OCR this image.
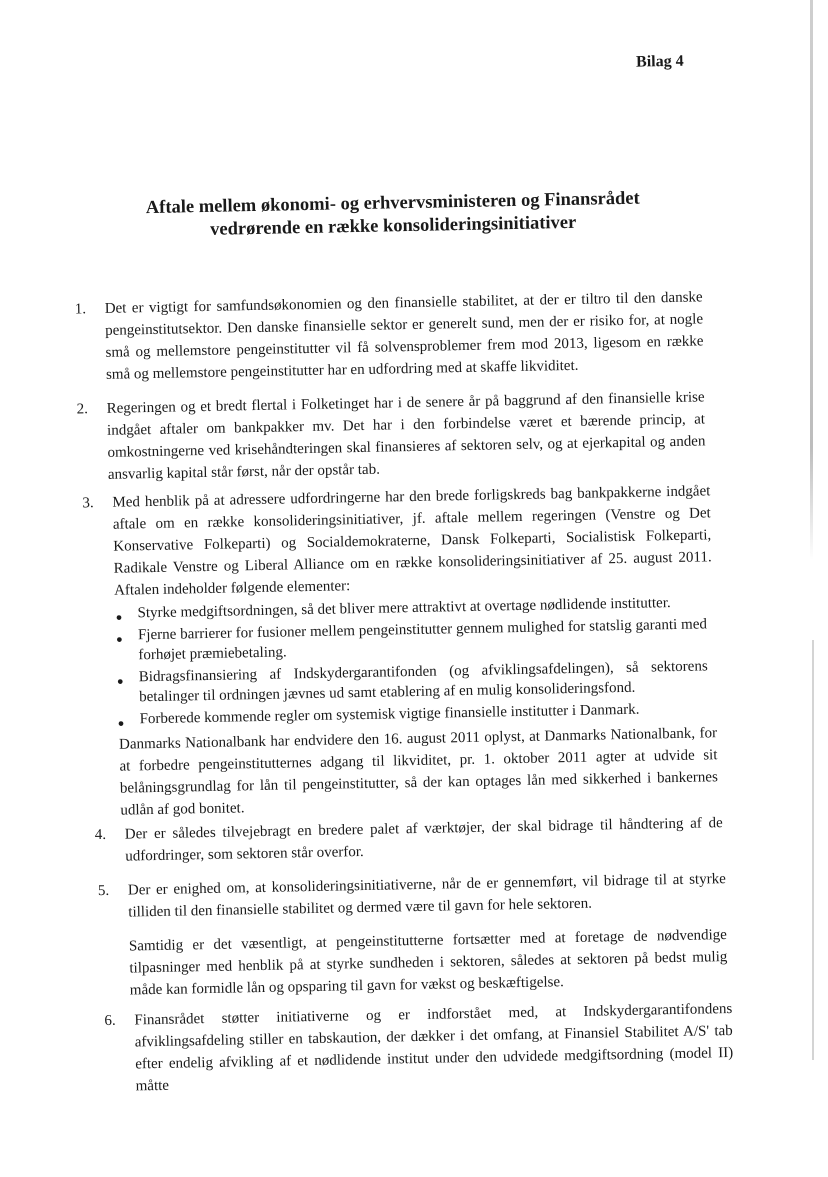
Bilag 4
Aftale mellem økonomi- og erhvervsministeren og Finansrådet
vedrørende en række konsolideringsinitiativer
1. Det er vigtigt for samfundsøkonomien og den finansielle stabilitet, at der er tiltro til den danske pengeinstitutsektor. Den danske finansielle sektor er generelt sund, men der er risiko for, at nogle små og mellemstore pengeinstitutter vil få solvensproblemer frem mod 2013, ligesom en række små og mellemstore pengeinstitutter har en udfordring med at skaffe likviditet.
2. Regeringen og et bredt flertal i Folketinget har i de senere år på baggrund af den finansielle krise indgået aftaler om bankpakker mv. Det har i den forbindelse været et bærende princip, at omkostningerne ved krisehåndteringen skal finansieres af sektoren selv, og at ejerkapital og anden ansvarlig kapital står først, når der opstår tab.
3. Med henblik på at adressere udfordringerne har den brede forligskreds bag bankpakkerne indgået aftale om en række konsolideringsinitiativer, jf. aftale mellem regeringen (Venstre og Det Konservative Folkeparti) og Socialdemokraterne, Dansk Folkeparti, Socialistisk Folkeparti, Radikale Venstre og Liberal Alliance om en række konsolideringsinitiativer af 25. august 2011. Aftalen indeholder følgende elementer:
● Styrke medgiftsordningen, så det bliver mere attraktivt at overtage nødlidende institutter.
● Fjerne barrierer for fusioner mellem pengeinstitutter gennem mulighed for statslig garanti med forhøjet præmiebetaling.
● Bidragsfinansiering af Indskydergarantifonden (og afviklingsafdelingen), så sektorens betalinger til ordningen jævnes ud samt etablering af en mulig konsolideringsfond.
● Forberede kommende regler om systemisk vigtige finansielle institutter i Danmark.
Danmarks Nationalbank har endvidere den 16. august 2011 oplyst, at Danmarks Nationalbank, for at forbedre pengeinstitutternes adgang til likviditet, pr. 1. oktober 2011 agter at udvide sit belåningsgrundlag for lån til pengeinstitutter, så der kan optages lån med sikkerhed i bankernes udlån af god bonitet.
4. Der er således tilvejebragt en bredere palet af værktøjer, der skal bidrage til håndtering af de udfordringer, som sektoren står overfor.
5. Der er enighed om, at konsolideringsinitiativerne, når de er gennemført, vil bidrage til at styrke tilliden til den finansielle stabilitet og dermed være til gavn for hele sektoren.
Samtidig er det væsentligt, at pengeinstitutterne fortsætter med at foretage de nødvendige tilpasninger med henblik på at styrke sundheden i sektoren, således at sektoren på bedst mulig måde kan formidle lån og opsparing til gavn for vækst og beskæftigelse.
6. Finansrådet støtter initiativerne og er indforstået med, at Indskydergarantifondens afviklingsafdeling stiller en tabskaution, der dækker i det omfang, at Finansiel Stabilitet A/S' tab efter endelig afvikling af et nødlidende institut under den udvidede medgiftsordning (model II) måtte
